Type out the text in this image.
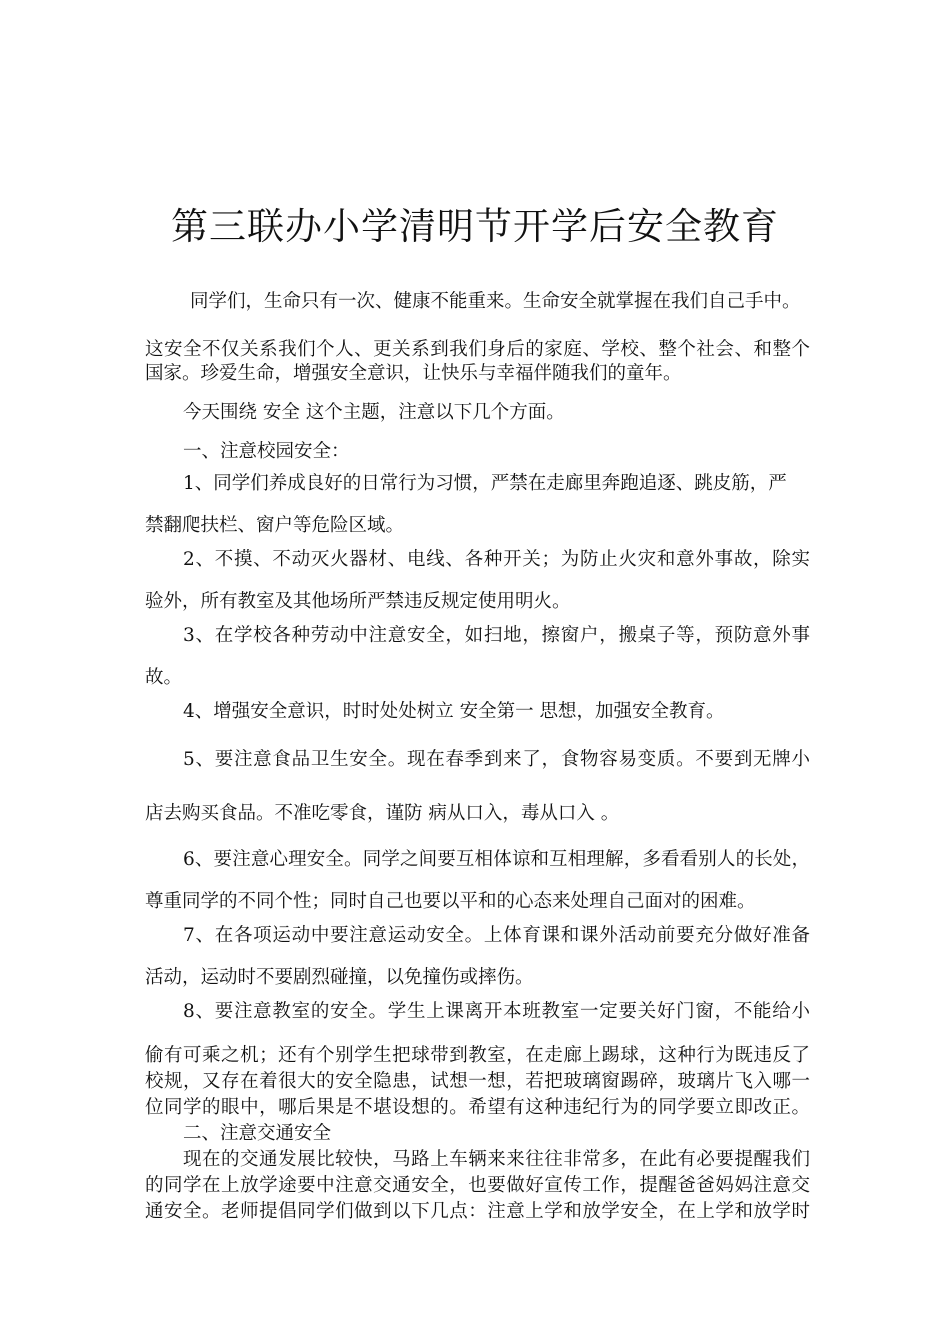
第三联办小学清明节开学后安全教育

同学们，生命只有一次、健康不能重来。生命安全就掌握在我们自己手中。

这安全不仅关系我们个人、更关系到我们身后的家庭、学校、整个社会、和整个

国家。珍爱生命，增强安全意识，让快乐与幸福伴随我们的童年。

今天围绕 安全 这个主题，注意以下几个方面。

一、注意校园安全：

1、同学们养成良好的日常行为习惯，严禁在走廊里奔跑追逐、跳皮筋，严

禁翻爬扶栏、窗户等危险区域。

2、不摸、不动灭火器材、电线、各种开关；为防止火灾和意外事故，除实

验外，所有教室及其他场所严禁违反规定使用明火。

3、在学校各种劳动中注意安全，如扫地，擦窗户，搬桌子等，预防意外事

故。

4、增强安全意识，时时处处树立 安全第一 思想，加强安全教育。

5、要注意食品卫生安全。现在春季到来了，食物容易变质。不要到无牌小

店去购买食品。不准吃零食，谨防 病从口入，毒从口入 。

6、要注意心理安全。同学之间要互相体谅和互相理解，多看看别人的长处，

尊重同学的不同个性；同时自己也要以平和的心态来处理自己面对的困难。

7、在各项运动中要注意运动安全。上体育课和课外活动前要充分做好准备

活动，运动时不要剧烈碰撞，以免撞伤或摔伤。

8、要注意教室的安全。学生上课离开本班教室一定要关好门窗，不能给小

偷有可乘之机；还有个别学生把球带到教室，在走廊上踢球，这种行为既违反了

校规，又存在着很大的安全隐患，试想一想，若把玻璃窗踢碎，玻璃片飞入哪一

位同学的眼中，哪后果是不堪设想的。希望有这种违纪行为的同学要立即改正。

二、注意交通安全

现在的交通发展比较快，马路上车辆来来往往非常多，在此有必要提醒我们

的同学在上放学途要中注意交通安全，也要做好宣传工作，提醒爸爸妈妈注意交

通安全。老师提倡同学们做到以下几点：注意上学和放学安全，在上学和放学时
